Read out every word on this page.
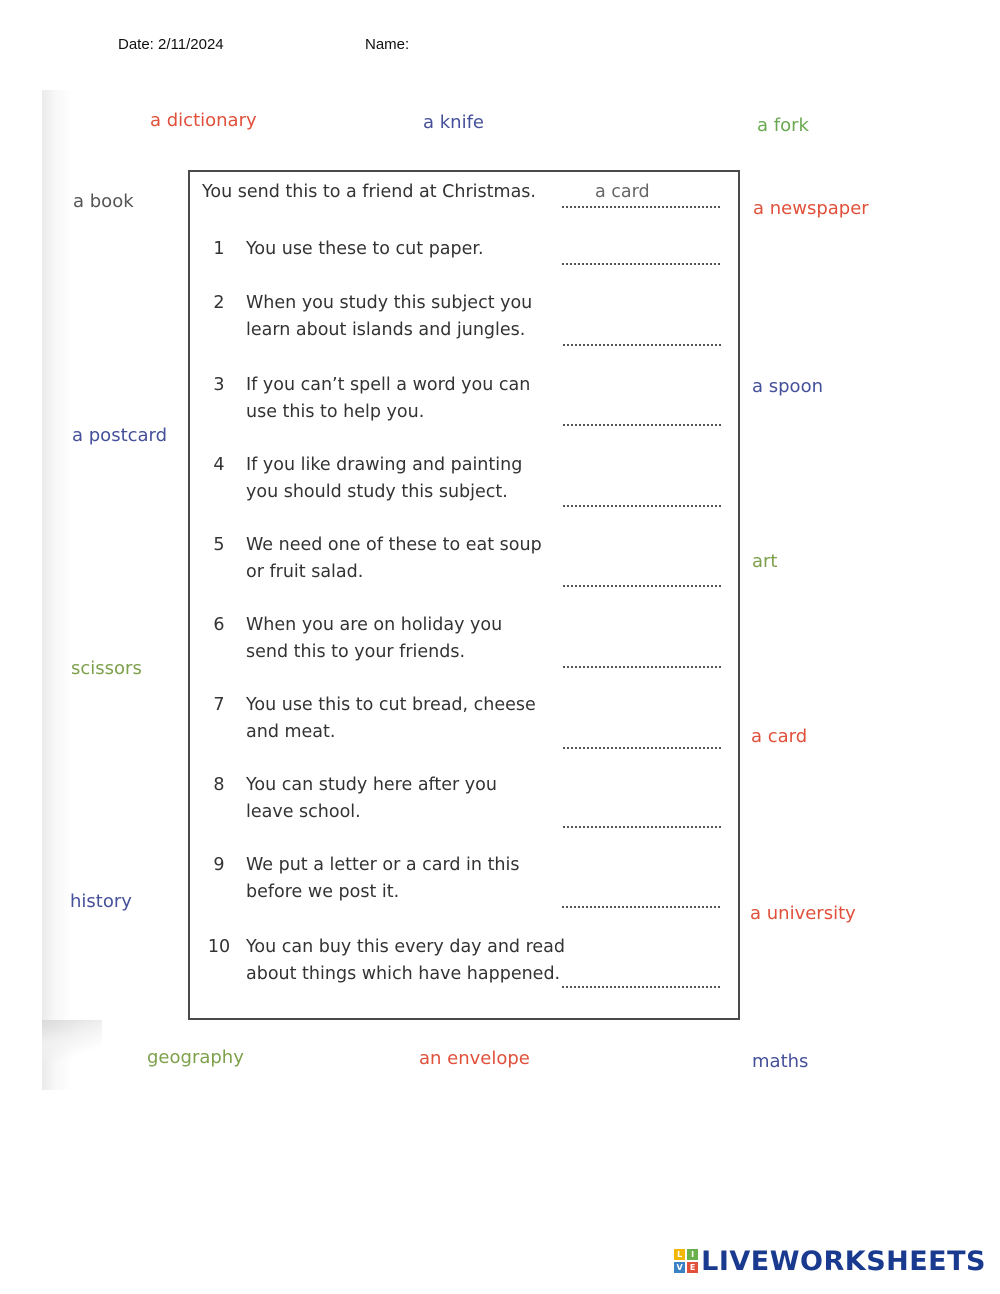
Date: 2/11/2024	Name:
a dictionary	a knife	a fork
a book	a newspaper
a spoon
a postcard
art
scissors
a card
history
a university
geography	an envelope	maths
You send this to a friend at Christmas.	a card
1	You use these to cut paper.
2	When you study this subject you
learn about islands and jungles.
3	If you can’t spell a word you can
use this to help you.
4	If you like drawing and painting
you should study this subject.
5	We need one of these to eat soup
or fruit salad.
6	When you are on holiday you
send this to your friends.
7	You use this to cut bread, cheese
and meat.
8	You can study here after you
leave school.
9	We put a letter or a card in this
before we post it.
10 You can buy this every day and read
about things which have happened.
L	I
V E LIVEWORKSHEETS
